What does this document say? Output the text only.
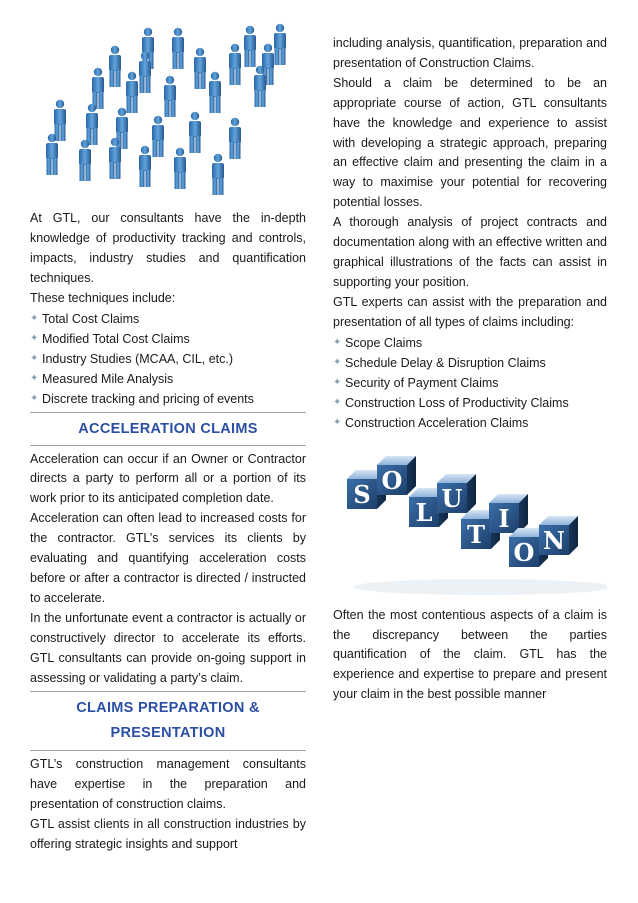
At GTL, our consultants have the in-depth knowledge of productivity tracking and controls, impacts, industry studies and quantification techniques.

These techniques include:

✦ Total Cost Claims
✦ Modified Total Cost Claims
✦ Industry Studies (MCAA, CIL, etc.)
✦ Measured Mile Analysis
✦ Discrete tracking and pricing of events
ACCELERATION CLAIMS

Acceleration can occur if an Owner or Contractor directs a party to perform all or a portion of its work prior to its anticipated completion date.

Acceleration can often lead to increased costs for the contractor. GTL’s services its clients by evaluating and quantifying acceleration costs before or after a contractor is directed / instructed to accelerate.

In the unfortunate event a contractor is actually or constructively director to accelerate its efforts. GTL consultants can provide on-going support in assessing or validating a party’s claim.

CLAIMS PREPARATION &
PRESENTATION

GTL’s construction management consultants have expertise in the preparation and presentation of construction claims.

GTL assist clients in all construction industries by offering strategic insights and support

including analysis, quantification, preparation and presentation of Construction Claims.

Should a claim be determined to be an appropriate course of action, GTL consultants have the knowledge and experience to assist with developing a strategic approach, preparing an effective claim and presenting the claim in a way to maximise your potential for recovering potential losses.

A thorough analysis of project contracts and documentation along with an effective written and graphical illustrations of the facts can assist in supporting your position.

GTL experts can assist with the preparation and presentation of all types of claims including:

✦ Scope Claims
✦ Schedule Delay & Disruption Claims
✦ Security of Payment Claims
✦ Construction Loss of Productivity Claims
✦ Construction Acceleration Claims
S O
L U
T
I
O N

Often the most contentious aspects of a claim is the discrepancy between the parties quantification of the claim. GTL has the experience and expertise to prepare and present your claim in the best possible manner
